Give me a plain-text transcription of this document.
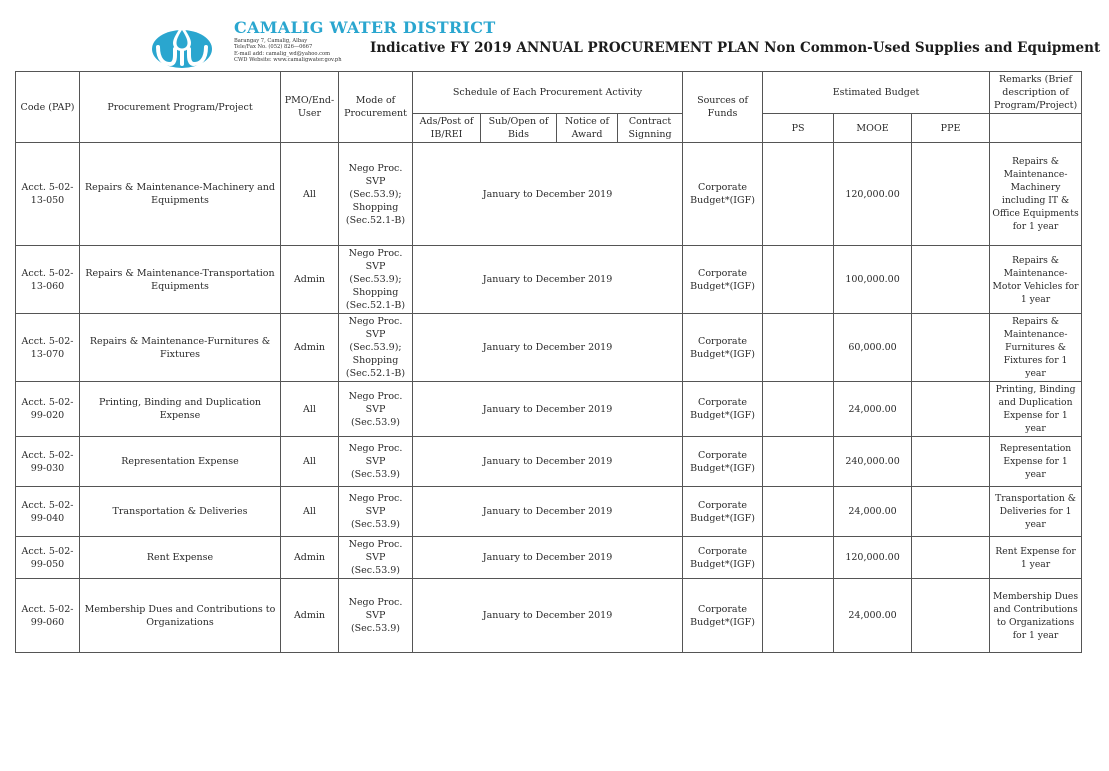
CAMALIG WATER DISTRICT
Barangay 7, Camalig, Albay
Tele/Fax No. (052) 826—0667
E-mail add: camalig_wd@yahoo.com
CWD Website: www.camaligwater.gov.ph
Indicative FY 2019 ANNUAL PROCUREMENT PLAN Non Common-Used Supplies and Equipment
Code (PAP)	Procurement Program/Project	PMO/End-User	Mode of Procurement	Schedule of Each Procurement Activity				Sources of Funds	Estimated Budget			Remarks (Brief description of Program/Project)
				Ads/Post of IB/REI	Sub/Open of Bids	Notice of Award	Contract Signning		PS	MOOE	PPE	
Acct. 5-02-13-050	Repairs & Maintenance-Machinery and Equipments	All	Nego Proc. SVP (Sec.53.9); Shopping (Sec.52.1-B)	January to December 2019				Corporate Budget*(IGF)		120,000.00		Repairs & Maintenance-Machinery including IT & Office Equipments for 1 year
Acct. 5-02-13-060	Repairs & Maintenance-Transportation Equipments	Admin	Nego Proc. SVP (Sec.53.9); Shopping (Sec.52.1-B)	January to December 2019				Corporate Budget*(IGF)		100,000.00		Repairs & Maintenance-Motor Vehicles for 1 year
Acct. 5-02-13-070	Repairs & Maintenance-Furnitures & Fixtures	Admin	Nego Proc. SVP (Sec.53.9); Shopping (Sec.52.1-B)	January to December 2019				Corporate Budget*(IGF)		60,000.00		Repairs & Maintenance-Furnitures & Fixtures for 1 year
Acct. 5-02-99-020	Printing, Binding and Duplication Expense	All	Nego Proc. SVP (Sec.53.9)	January to December 2019				Corporate Budget*(IGF)		24,000.00		Printing, Binding and Duplication Expense for 1 year
Acct. 5-02-99-030	Representation Expense	All	Nego Proc. SVP (Sec.53.9)	January to December 2019				Corporate Budget*(IGF)		240,000.00		Representation Expense for 1 year
Acct. 5-02-99-040	Transportation & Deliveries	All	Nego Proc. SVP (Sec.53.9)	January to December 2019				Corporate Budget*(IGF)		24,000.00		Transportation & Deliveries for 1 year
Acct. 5-02-99-050	Rent Expense	Admin	Nego Proc. SVP (Sec.53.9)	January to December 2019				Corporate Budget*(IGF)		120,000.00		Rent Expense for 1 year
Acct. 5-02-99-060	Membership Dues and Contributions to Organizations	Admin	Nego Proc. SVP (Sec.53.9)	January to December 2019				Corporate Budget*(IGF)		24,000.00		Membership Dues and Contributions to Organizations for 1 year
